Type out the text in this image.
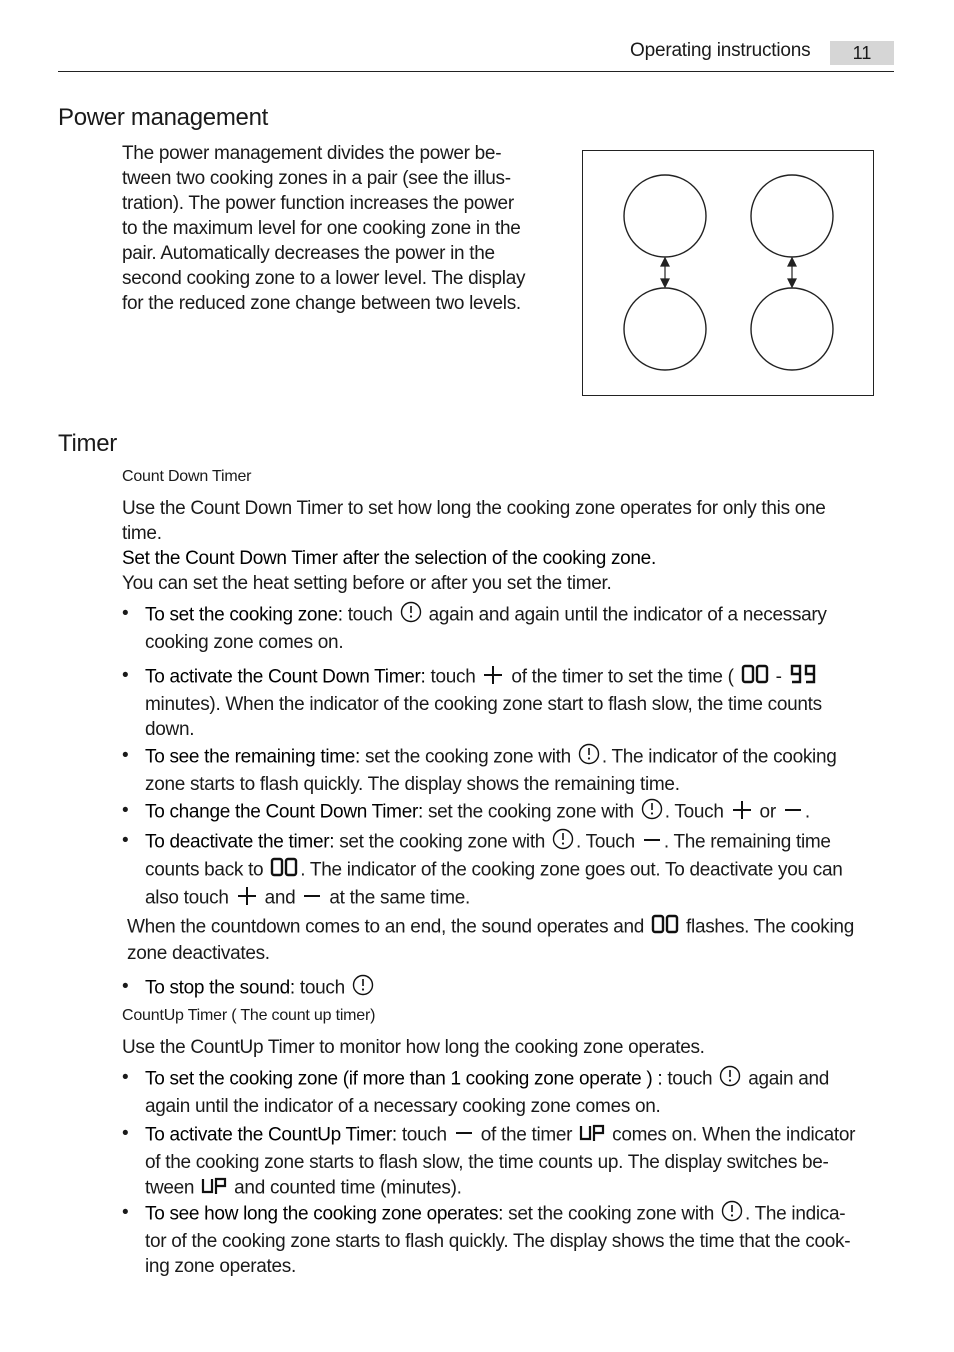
Operating instructions	11
Power management
The power management divides the power be-
tween two cooking zones in a pair (see the illus-
tration). The power function increases the power
to the maximum level for one cooking zone in the
pair. Automatically decreases the power in the
second cooking zone to a lower level. The display
for the reduced zone change between two levels.
Timer
Count Down Timer
Use the Count Down Timer to set how long the cooking zone operates for only this one
time.
Set the Count Down Timer after the selection of the cooking zone.
You can set the heat setting before or after you set the timer.
• To set the cooking zone: touch  again and again until the indicator of a necessary
cooking zone comes on.
• To activate the Count Down Timer: touch  of the timer to set the time (  -
minutes). When the indicator of the cooking zone start to flash slow, the time counts
down.
• To see the remaining time: set the cooking zone with . The indicator of the cooking
zone starts to flash quickly. The display shows the remaining time.
• To change the Count Down Timer: set the cooking zone with . Touch  or .
• To deactivate the timer: set the cooking zone with . Touch . The remaining time
counts back to . The indicator of the cooking zone goes out. To deactivate you can
also touch  and  at the same time.
When the countdown comes to an end, the sound operates and  flashes. The cooking
zone deactivates.
• To stop the sound: touch
CountUp Timer ( The count up timer)
Use the CountUp Timer to monitor how long the cooking zone operates.
• To set the cooking zone (if more than 1 cooking zone operate ) : touch  again and
again until the indicator of a necessary cooking zone comes on.
• To activate the CountUp Timer: touch  of the timer  comes on. When the indicator
of the cooking zone starts to flash slow, the time counts up. The display switches be-
tween  and counted time (minutes).
• To see how long the cooking zone operates: set the cooking zone with . The indica-
tor of the cooking zone starts to flash quickly. The display shows the time that the cook-
ing zone operates.
